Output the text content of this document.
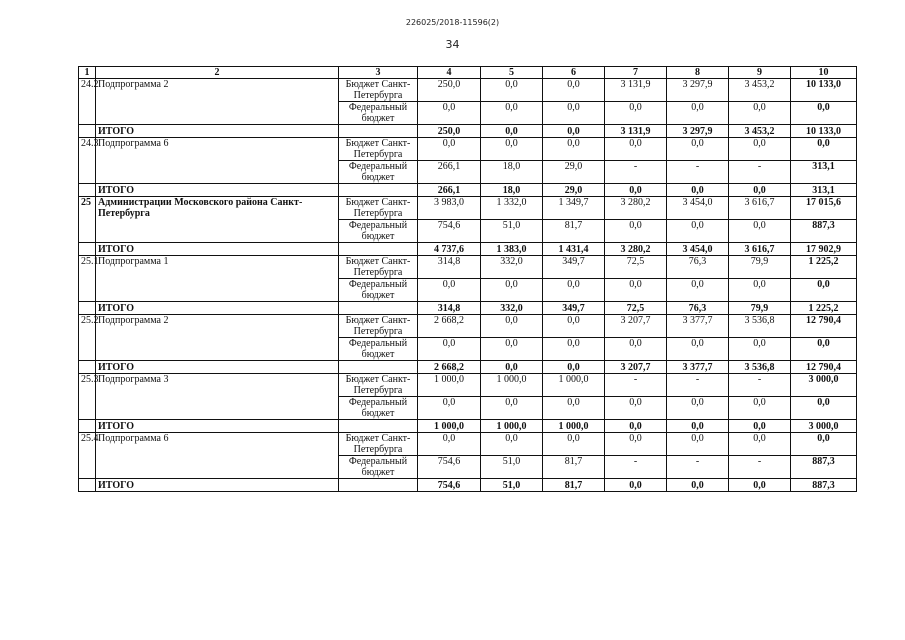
226025/2018-11596(2)
34
1	2	3	4	5	6	7	8	9	10
24.2	Подпрограмма 2	Бюджет Санкт-Петербурга	250,0	0,0	0,0	3 131,9	3 297,9	3 453,2	10 133,0
		Федеральный бюджет	0,0	0,0	0,0	0,0	0,0	0,0	0,0
	ИТОГО		250,0	0,0	0,0	3 131,9	3 297,9	3 453,2	10 133,0
24.3	Подпрограмма 6	Бюджет Санкт-Петербурга	0,0	0,0	0,0	0,0	0,0	0,0	0,0
		Федеральный бюджет	266,1	18,0	29,0	-	-	-	313,1
	ИТОГО		266,1	18,0	29,0	0,0	0,0	0,0	313,1
25	Администрации Московского района Санкт-Петербурга	Бюджет Санкт-Петербурга	3 983,0	1 332,0	1 349,7	3 280,2	3 454,0	3 616,7	17 015,6
		Федеральный бюджет	754,6	51,0	81,7	0,0	0,0	0,0	887,3
	ИТОГО		4 737,6	1 383,0	1 431,4	3 280,2	3 454,0	3 616,7	17 902,9
25.1	Подпрограмма 1	Бюджет Санкт-Петербурга	314,8	332,0	349,7	72,5	76,3	79,9	1 225,2
		Федеральный бюджет	0,0	0,0	0,0	0,0	0,0	0,0	0,0
	ИТОГО		314,8	332,0	349,7	72,5	76,3	79,9	1 225,2
25.2	Подпрограмма 2	Бюджет Санкт-Петербурга	2 668,2	0,0	0,0	3 207,7	3 377,7	3 536,8	12 790,4
		Федеральный бюджет	0,0	0,0	0,0	0,0	0,0	0,0	0,0
	ИТОГО		2 668,2	0,0	0,0	3 207,7	3 377,7	3 536,8	12 790,4
25.3	Подпрограмма 3	Бюджет Санкт-Петербурга	1 000,0	1 000,0	1 000,0	-	-	-	3 000,0
		Федеральный бюджет	0,0	0,0	0,0	0,0	0,0	0,0	0,0
	ИТОГО		1 000,0	1 000,0	1 000,0	0,0	0,0	0,0	3 000,0
25.4	Подпрограмма 6	Бюджет Санкт-Петербурга	0,0	0,0	0,0	0,0	0,0	0,0	0,0
		Федеральный бюджет	754,6	51,0	81,7	-	-	-	887,3
	ИТОГО		754,6	51,0	81,7	0,0	0,0	0,0	887,3
